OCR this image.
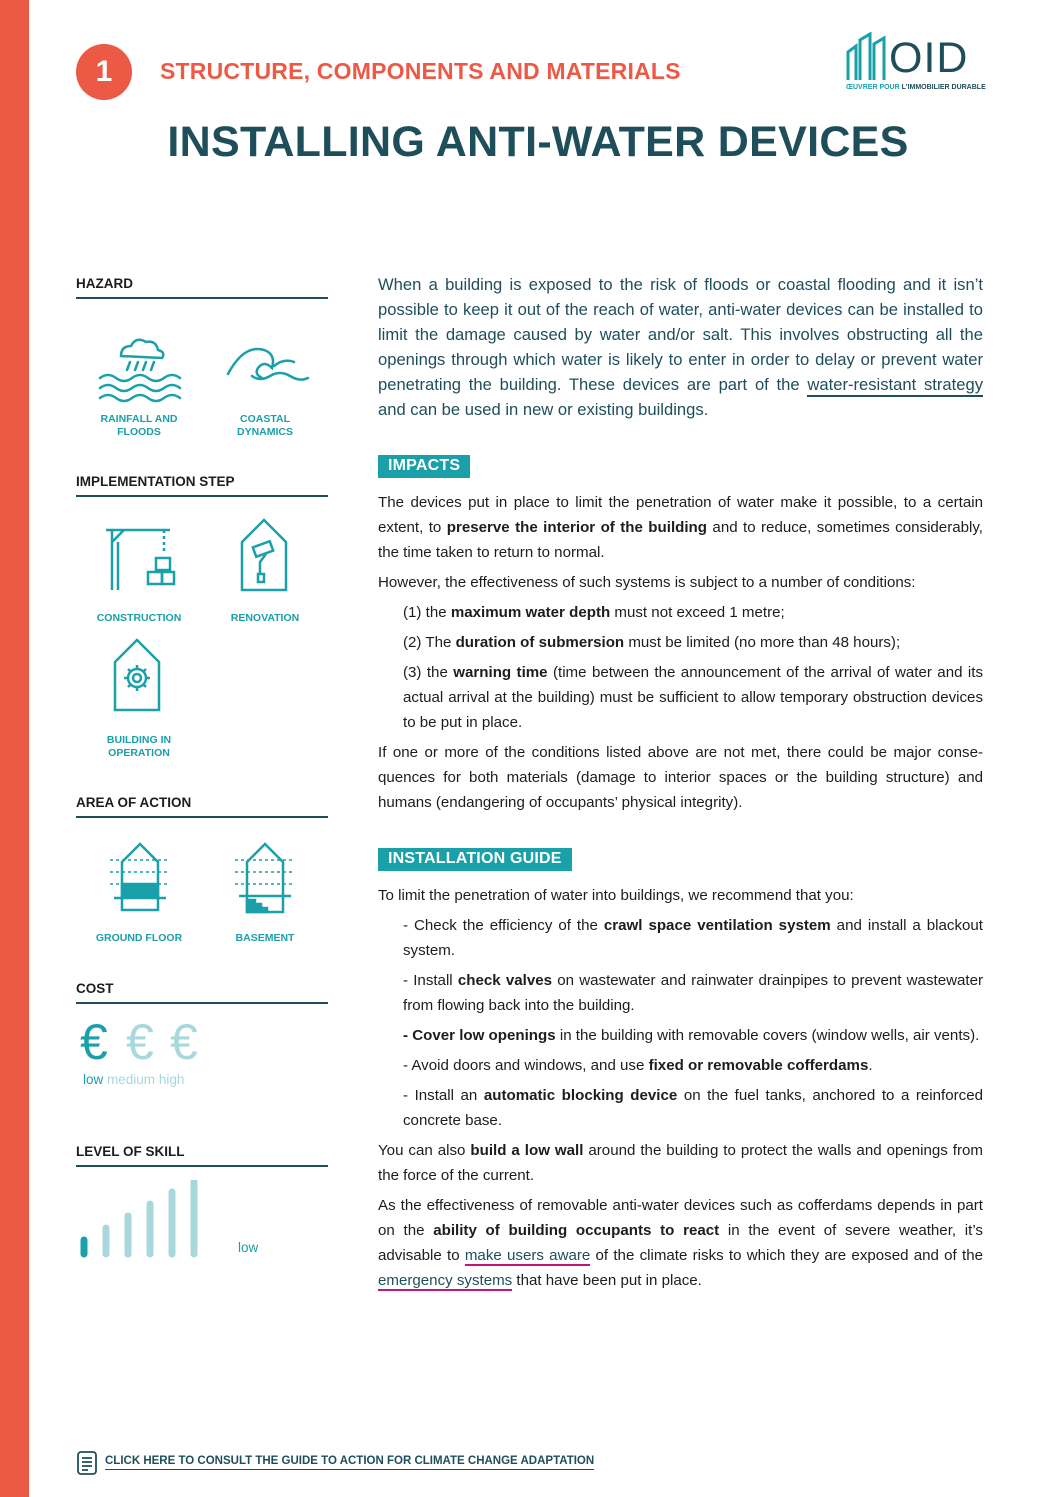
1	STRUCTURE, COMPONENTS AND MATERIALS	OID
ŒUVRER POUR L'IMMOBILIER DURABLE
INSTALLING ANTI-WATER DEVICES
HAZARD
RAINFALL AND
FLOODS
COASTAL
DYNAMICS
IMPLEMENTATION STEP
CONSTRUCTION	RENOVATION
BUILDING IN
OPERATION
AREA OF ACTION
GROUND FLOOR	BASEMENT
COST
€ € €
low medium high
LEVEL OF SKILL
low
When a building is exposed to the risk of floods or coastal flooding and it isn’t possible to keep it out of the reach of water, anti-water devices can be installed to limit the damage caused by water and/or salt. This involves obstructing all the openings through which water is likely to enter in order to delay or prevent water penetrating the building. These devices are part of the water-resistant strategy and can be used in new or existing buildings.
IMPACTS

The devices put in place to limit the penetration of water make it possible, to a certain extent, to preserve the interior of the building and to reduce, sometimes considerably, the time taken to return to normal.

However, the effectiveness of such systems is subject to a number of conditions:

(1) the maximum water depth must not exceed 1 metre;

(2) The duration of submersion must be limited (no more than 48 hours);

(3) the warning time (time between the announcement of the arrival of water and its actual arrival at the building) must be sufficient to allow temporary obstruction devices to be put in place.

If one or more of the conditions listed above are not met, there could be major conse- quences for both materials (damage to interior spaces or the building structure) and humans (endangering of occupants’ physical integrity).

INSTALLATION GUIDE

To limit the penetration of water into buildings, we recommend that you:

- Check the efficiency of the crawl space ventilation system and install a blackout system.

- Install check valves on wastewater and rainwater drainpipes to prevent wastewater from flowing back into the building.

- Cover low openings in the building with removable covers (window wells, air vents).

- Avoid doors and windows, and use fixed or removable cofferdams.

- Install an automatic blocking device on the fuel tanks, anchored to a reinforced concrete base.

You can also build a low wall around the building to protect the walls and openings from the force of the current.

As the effectiveness of removable anti-water devices such as cofferdams depends in part on the ability of building occupants to react in the event of severe weather, it’s advisable to make users aware of the climate risks to which they are exposed and of the emergency systems that have been put in place.

CLICK HERE TO CONSULT THE GUIDE TO ACTION FOR CLIMATE CHANGE ADAPTATION
